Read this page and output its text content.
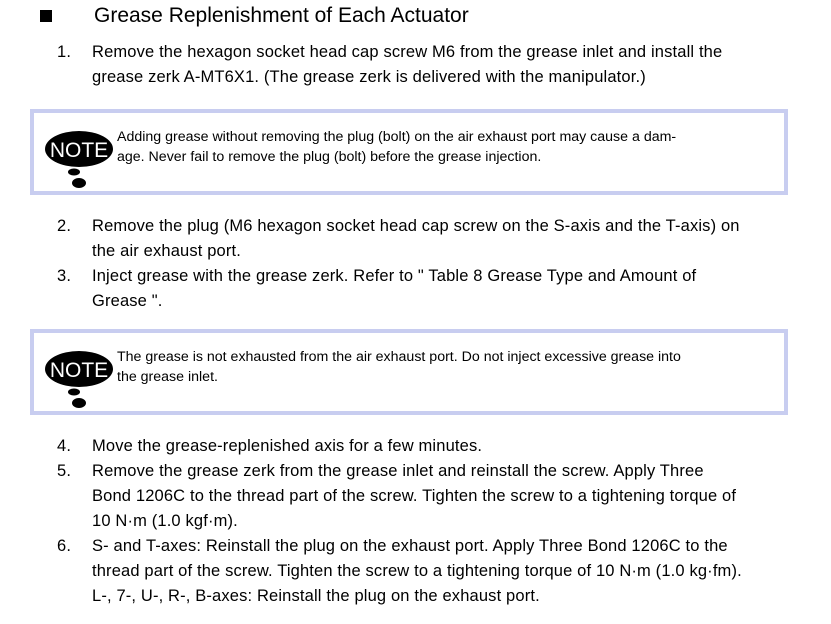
Grease Replenishment of Each Actuator
1. Remove the hexagon socket head cap screw M6 from the grease inlet and install the
grease zerk A-MT6X1. (The grease zerk is delivered with the manipulator.)
NOTE
Adding grease without removing the plug (bolt) on the air exhaust port may cause a dam-
age. Never fail to remove the plug (bolt) before the grease injection.
2. Remove the plug (M6 hexagon socket head cap screw on the S-axis and the T-axis) on
the air exhaust port.
3. Inject grease with the grease zerk. Refer to " Table 8 Grease Type and Amount of
Grease ".
NOTE
The grease is not exhausted from the air exhaust port. Do not inject excessive grease into
the grease inlet.
4. Move the grease-replenished axis for a few minutes.
5. Remove the grease zerk from the grease inlet and reinstall the screw. Apply Three
Bond 1206C to the thread part of the screw. Tighten the screw to a tightening torque of
10 N·m (1.0 kgf·m).
6. S- and T-axes: Reinstall the plug on the exhaust port. Apply Three Bond 1206C to the
thread part of the screw. Tighten the screw to a tightening torque of 10 N·m (1.0 kg·fm).
L-, 7-, U-, R-, B-axes: Reinstall the plug on the exhaust port.
